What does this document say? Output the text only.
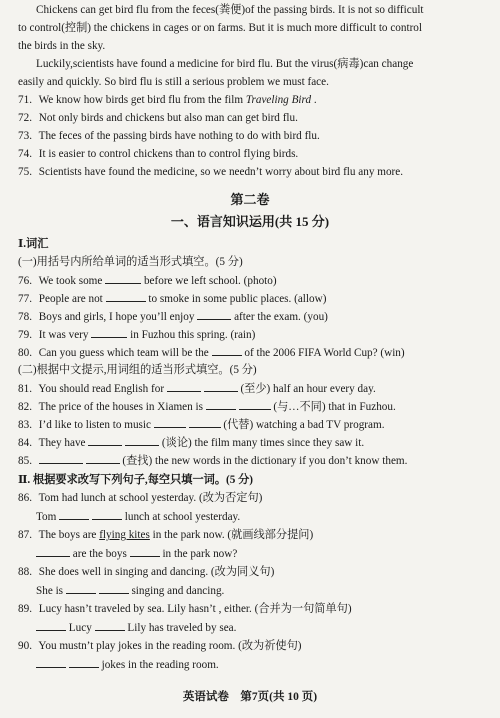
Chickens can get bird flu from the feces(粪便)of the passing birds. It is not so difficult
to control(控制) the chickens in cages or on farms. But it is much more difficult to control
the birds in the sky.
Luckily,scientists have found a medicine for bird flu. But the virus(病毒)can change
easily and quickly. So bird flu is still a serious problem we must face.
71. We know how birds get bird flu from the film Traveling Bird .
72. Not only birds and chickens but also man can get bird flu.
73. The feces of the passing birds have nothing to do with bird flu.
74. It is easier to control chickens than to control flying birds.
75. Scientists have found the medicine, so we needn’t worry about bird flu any more.
第二卷
一、语言知识运用(共 15 分)
Ⅰ.词汇
(一)用括号内所给单词的适当形式填空。(5 分)
76. We took some	before we left school. (photo)
77. People are not	to smoke in some public places. (allow)
78. Boys and girls, I hope you’ll enjoy	after the exam. (you)
79. It was very	in Fuzhou this spring. (rain)
80. Can you guess which team will be the	of the 2006 FIFA World Cup? (win)
(二)根据中文提示,用词组的适当形式填空。(5 分)
81. You should read English for	(至少) half an hour every day.
82. The price of the houses in Xiamen is	(与…不同) that in Fuzhou.
83. I’d like to listen to music	(代替) watching a bad TV program.
84. They have	(谈论) the film many times since they saw it.
85.	(查找) the new words in the dictionary if you don’t know them.
Ⅱ. 根据要求改写下列句子,每空只填一词。(5 分)
86. Tom had lunch at school yesterday. (改为否定句)
Tom	lunch at school yesterday.
87. The boys are flying kites in the park now. (就画线部分提问)
are the boys	in the park now?
88. She does well in singing and dancing. (改为同义句)
She is	singing and dancing.
89. Lucy hasn’t traveled by sea. Lily hasn’t , either. (合并为一句简单句)
Lucy	Lily has traveled by sea.
90. You mustn’t play jokes in the reading room. (改为祈使句)
jokes in the reading room.
英语试卷　第7页(共 10 页)
